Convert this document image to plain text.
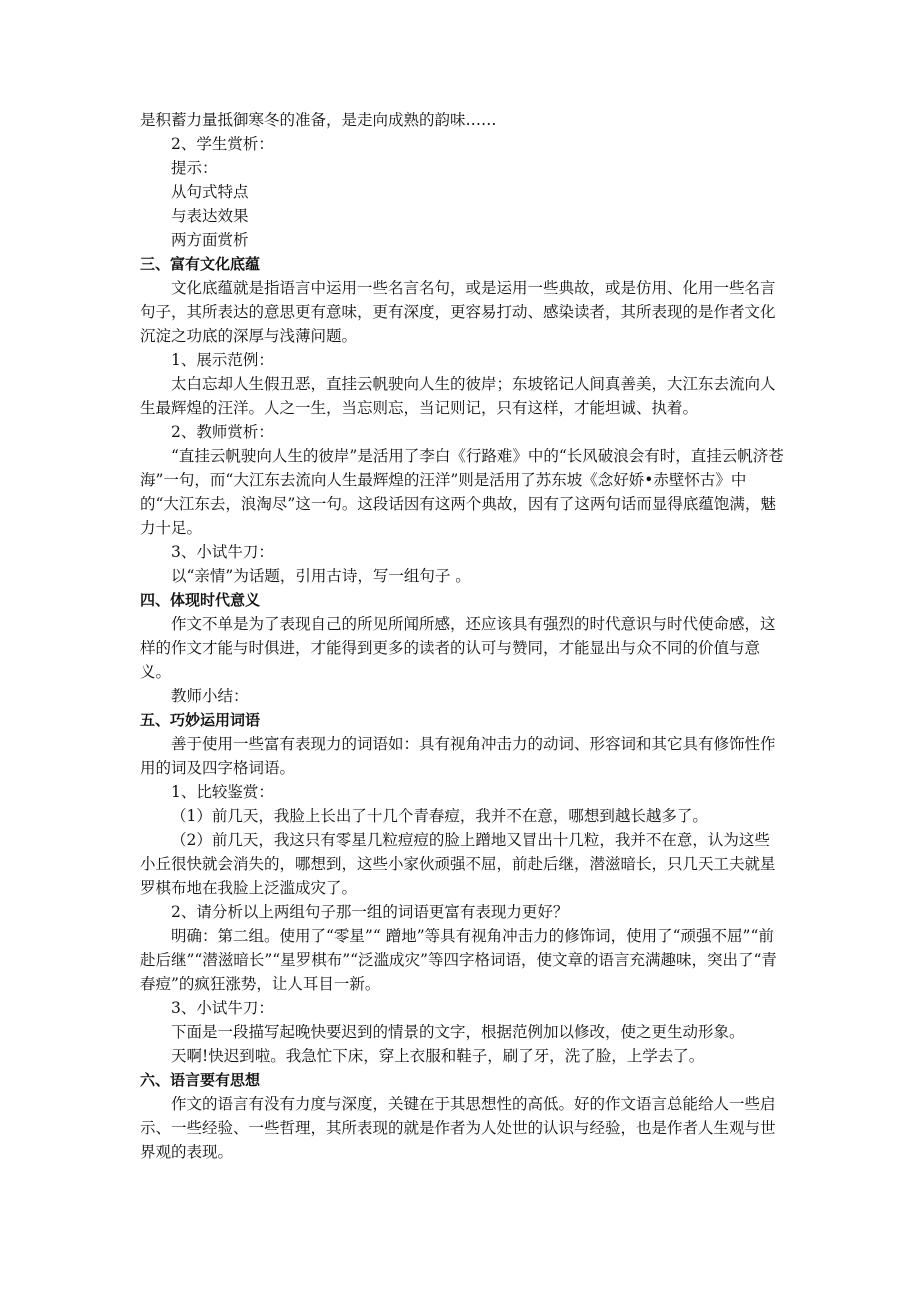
是积蓄力量抵御寒冬的准备，是走向成熟的韵味……

2、学生赏析：

提示：

从句式特点

与表达效果

两方面赏析

三、富有文化底蕴

文化底蕴就是指语言中运用一些名言名句，或是运用一些典故，或是仿用、化用一些名言句子，其所表达的意思更有意味，更有深度，更容易打动、感染读者，其所表现的是作者文化沉淀之功底的深厚与浅薄问题。

1、展示范例：

太白忘却人生假丑恶，直挂云帆驶向人生的彼岸；东坡铭记人间真善美，大江东去流向人生最辉煌的汪洋。人之一生，当忘则忘，当记则记，只有这样，才能坦诚、执着。

2、教师赏析：

“直挂云帆驶向人生的彼岸”是活用了李白《行路难》中的“长风破浪会有时，直挂云帆济苍海”一句，而“大江东去流向人生最辉煌的汪洋”则是活用了苏东坡《念好娇•赤壁怀古》中的“大江东去，浪淘尽”这一句。这段话因有这两个典故，因有了这两句话而显得底蕴饱满，魅力十足。

3、小试牛刀：

以“亲情”为话题，引用古诗，写一组句子 。

四、体现时代意义

作文不单是为了表现自己的所见所闻所感，还应该具有强烈的时代意识与时代使命感，这样的作文才能与时俱进，才能得到更多的读者的认可与赞同，才能显出与众不同的价值与意义。

教师小结：

五、巧妙运用词语

善于使用一些富有表现力的词语如：具有视角冲击力的动词、形容词和其它具有修饰性作用的词及四字格词语。

1、比较鉴赏：

（1）前几天，我脸上长出了十几个青春痘，我并不在意，哪想到越长越多了。

（2）前几天，我这只有零星几粒痘痘的脸上蹭地又冒出十几粒，我并不在意，认为这些小丘很快就会消失的，哪想到，这些小家伙顽强不屈，前赴后继，潜滋暗长，只几天工夫就星罗棋布地在我脸上泛滥成灾了。

2、请分析以上两组句子那一组的词语更富有表现力更好？

明确：第二组。使用了“零星”“ 蹭地”等具有视角冲击力的修饰词，使用了“顽强不屈”“前赴后继”“潜滋暗长”“星罗棋布”“泛滥成灾”等四字格词语，使文章的语言充满趣味，突出了“青春痘”的疯狂涨势，让人耳目一新。

3、小试牛刀：

下面是一段描写起晚快要迟到的情景的文字，根据范例加以修改，使之更生动形象。

天啊!快迟到啦。我急忙下床，穿上衣服和鞋子，刷了牙，洗了脸，上学去了。

六、语言要有思想

作文的语言有没有力度与深度，关键在于其思想性的高低。好的作文语言总能给人一些启示、一些经验、一些哲理，其所表现的就是作者为人处世的认识与经验，也是作者人生观与世界观的表现。
